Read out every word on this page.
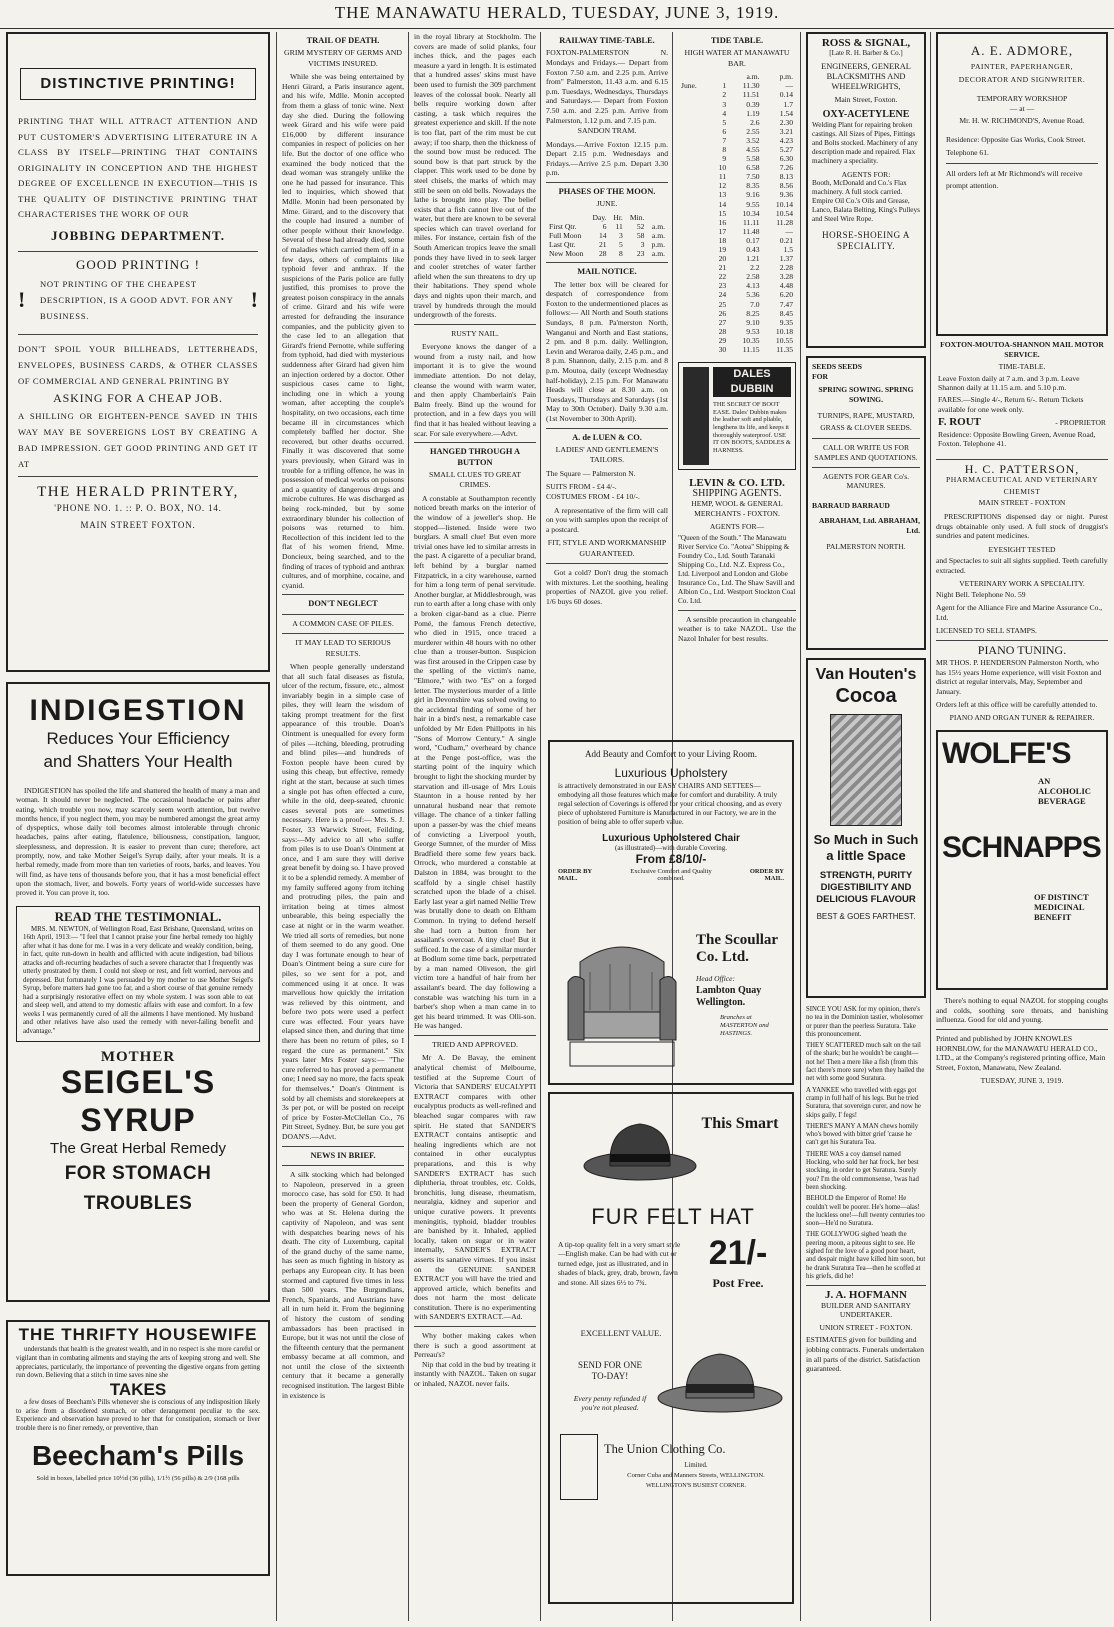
THE MANAWATU HERALD, TUESDAY, JUNE 3, 1919.
DISTINCTIVE PRINTING!

PRINTING THAT WILL ATTRACT ATTENTION AND PUT CUSTOMER'S ADVERTISING LITERATURE IN A CLASS BY ITSELF—PRINTING THAT CONTAINS ORIGINALITY IN CONCEPTION AND THE HIGHEST DEGREE OF EXCELLENCE IN EXECUTION—THIS IS THE QUALITY OF DISTINCTIVE PRINTING THAT CHARACTERISES THE WORK OF OUR

JOBBING DEPARTMENT.
GOOD PRINTING !
!
NOT PRINTING OF THE CHEAPEST DESCRIPTION, IS A GOOD ADVT. FOR ANY BUSINESS.
!

DON'T SPOIL YOUR BILLHEADS, LETTERHEADS, ENVELOPES, BUSINESS CARDS, & OTHER CLASSES OF COMMERCIAL AND GENERAL PRINTING BY

ASKING FOR A CHEAP JOB.

A SHILLING OR EIGHTEEN-PENCE SAVED IN THIS WAY MAY BE SOVEREIGNS LOST BY CREATING A BAD IMPRESSION. GET GOOD PRINTING AND GET IT AT

THE HERALD PRINTERY,
'PHONE NO. 1. :: P. O. BOX, NO. 14.
MAIN STREET FOXTON.
INDIGESTION
Reduces Your Efficiency
and Shatters Your Health

INDIGESTION has spoiled the life and shattered the health of many a man and woman. It should never be neglected. The occasional headache or pains after eating, which trouble you now, may scarcely seem worth attention, but twelve months hence, if you neglect them, you may be numbered amongst the great army of dyspeptics, whose daily toil becomes almost intolerable through chronic headaches, pains after eating, flatulence, biliousness, constipation, languor, sleeplessness, and depression. It is easier to prevent than cure; therefore, act promptly, now, and take Mother Seigel's Syrup daily, after your meals. It is a herbal remedy, made from more than ten varieties of roots, barks, and leaves. You will find, as have tens of thousands before you, that it has a most beneficial effect upon the stomach, liver, and bowels. Forty years of world-wide successes have proved it. You can prove it, too.

READ THE TESTIMONIAL.

MRS. M. NEWTON, of Wellington Road, East Brisbane, Queensland, writes on 16th April, 1913:— "I feel that I cannot praise your fine herbal remedy too highly after what it has done for me. I was in a very delicate and weakly condition, being, in fact, quite run-down in health and afflicted with acute indigestion, bad bilious attacks and oft-recurring headaches of such a severe character that I frequently was utterly prostrated by them. I could not sleep or rest, and felt worried, nervous and depressed. But fortunately I was persuaded by my mother to use Mother Seigel's Syrup, before matters had gone too far, and a short course of that genuine remedy had a surprisingly restorative effect on my whole system. I was soon able to eat and sleep well, and attend to my domestic affairs with ease and comfort. In a few weeks I was permanently cured of all the ailments I have mentioned. My husband and other relatives have also used the remedy with never-failing benefit and advantage."

MOTHER
SEIGEL'S SYRUP
The Great Herbal Remedy
FOR STOMACH TROUBLES
THE THRIFTY HOUSEWIFE

understands that health is the greatest wealth, and in no respect is she more careful or vigilant than in combating ailments and staying the arts of keeping strong and well. She appreciates, particularly, the importance of preventing the digestive organs from getting run down. Believing that a stitch in time saves nine she

TAKES

a few doses of Beecham's Pills whenever she is conscious of any indisposition likely to arise from a disordered stomach, or other derangement peculiar to the sex. Experience and observation have proved to her that for constipation, stomach or liver trouble there is no finer remedy, or preventive, than

Beecham's Pills
Sold in boxes, labelled price 10½d (36 pills), 1/1½ (56 pills) & 2/9 (168 pills
TRAIL OF DEATH.
GRIM MYSTERY OF GERMS AND VICTIMS INSURED.

While she was being entertained by Henri Girard, a Paris insurance agent, and his wife, Mdlle. Monin accepted from them a glass of tonic wine. Next day she died. During the following week Girard and his wife were paid £16,000 by different insurance companies in respect of policies on her life. But the doctor of one office who examined the body noticed that the dead woman was strangely unlike the one he had passed for insurance. This led to inquiries, which showed that Mdlle. Monin had been personated by Mme. Girard, and to the discovery that the couple had insured a number of other people without their knowledge. Several of these had already died, some of maladies which carried them off in a few days, others of complaints like typhoid fever and anthrax. If the suspicions of the Paris police are fully justified, this promises to prove the greatest poison conspiracy in the annals of crime. Girard and his wife were arrested for defrauding the insurance companies, and the publicity given to the case led to an allegation that Girard's friend Pernotte, while suffering from typhoid, had died with mysterious suddenness after Girard had given him an injection ordered by a doctor. Other suspicious cases came to light, including one in which a young woman, after accepting the couple's hospitality, on two occasions, each time became ill in circumstances which completely baffled her doctor. She recovered, but other deaths occurred. Finally it was discovered that some years previously, when Girard was in trouble for a trifling offence, he was in possession of medical works on poisons and a quantity of dangerous drugs and microbe cultures. He was discharged as being rock-minded, but by some extraordinary blunder his collection of poisons was returned to him. Recollection of this incident led to the flat of his women friend, Mme. Doncieux, being searched, and to the finding of traces of typhoid and anthrax cultures, and of morphine, cocaine, and cyanid.

DON'T NEGLECT
A COMMON CASE OF PILES.
IT MAY LEAD TO SERIOUS RESULTS.

When people generally understand that all such fatal diseases as fistula, ulcer of the rectum, fissure, etc., almost invariably begin in a simple case of piles, they will learn the wisdom of taking prompt treatment for the first appearance of this trouble. Doan's Ointment is unequalled for every form of piles —itching, bleeding, protruding and blind piles—and hundreds of Foxton people have been cured by using this cheap, but effective, remedy right at the start, because at such times a single pot has often effected a cure, while in the old, deep-seated, chronic cases several pots are sometimes necessary. Here is a proof:— Mrs. S. J. Foster, 33 Warwick Street, Feilding, says:—My advice to all who suffer from piles is to use Doan's Ointment at once, and I am sure they will derive great benefit by doing so. I have proved it to be a splendid remedy. A member of my family suffered agony from itching and protruding piles, the pain and irritation being at times almost unbearable, this being especially the case at night or in the warm weather. We tried all sorts of remedies, but none of them seemed to do any good. One day I was fortunate enough to hear of Doan's Ointment being a sure cure for piles, so we sent for a pot, and commenced using it at once. It was marvellous how quickly the irritation was relieved by this ointment, and before two pots were used a perfect cure was effected. Four years have elapsed since then, and during that time there has been no return of piles, so I regard the cure as permanent." Six years later Mrs Foster says:— "The cure referred to has proved a permanent one; I need say no more, the facts speak for themselves." Doan's Ointment is sold by all chemists and storekeepers at 3s per pot, or will be posted on receipt of price by Foster-McClellan Co., 76 Pitt Street, Sydney. But, be sure you get DOAN'S.—Advt.

NEWS IN BRIEF.

A silk stocking which had belonged to Napoleon, preserved in a green morocco case, has sold for £50. It had been the property of General Gordon, who was at St. Helena during the captivity of Napoleon, and was sent with despatches bearing news of his death. The city of Luxemburg, capital of the grand duchy of the same name, has seen as much fighting in history as perhaps any European city. It has been stormed and captured five times in less than 500 years. The Burgundians, French, Spaniards, and Austrians have all in turn held it. From the beginning of history the custom of sending ambassadors has been practised in Europe, but it was not until the close of the fifteenth century that the permanent embassy became at all common, and not until the close of the sixteenth century that it became a generally recognised institution. The largest Bible in existence is

in the royal library at Stockholm. The covers are made of solid planks, four inches thick, and the pages each measure a yard in length. It is estimated that a hundred asses' skins must have been used to furnish the 309 parchment leaves of the colossal book. Nearly all bells require working down after casting, a task which requires the greatest experience and skill. If the note is too flat, part of the rim must be cut away; if too sharp, then the thickness of the sound bow must be reduced. The sound bow is that part struck by the clapper. This work used to be done by steel chisels, the marks of which may still be seen on old bells. Nowadays the lathe is brought into play. The belief exists that a fish cannot live out of the water, but there are known to be several species which can travel overland for miles. For instance, certain fish of the South American tropics leave the small ponds they have lived in to seek larger and cooler stretches of water farther afield when the sun threatens to dry up their habitations. They spend whole days and nights upon their march, and travel by hundreds through the mould undergrowth of the forests.

RUSTY NAIL.

Everyone knows the danger of a wound from a rusty nail, and how important it is to give the wound immediate attention. Do not delay, cleanse the wound with warm water, and then apply Chamberlain's Pain Balm freely. Bind up the wound for protection, and in a few days you will find that it has healed without leaving a scar. For sale everywhere.—Advt.

HANGED THROUGH A BUTTON
SMALL CLUES TO GREAT CRIMES.

A constable at Southampton recently noticed breath marks on the interior of the window of a jeweller's shop. He stopped—listened. Inside were two burglars. A small clue! But even more trivial ones have led to similar arrests in the past. A cigarette of a peculiar brand, left behind by a burglar named Fitzpatrick, in a city warehouse, earned for him a long term of penal servitude. Another burglar, at Middlesbrough, was run to earth after a long chase with only a broken cigar-band as a clue. Pierre Pomé, the famous French detective, who died in 1915, once traced a murderer within 48 hours with no other clue than a trouser-button. Suspicion was first aroused in the Crippen case by the spelling of the victim's name, "Elmore," with two "Es" on a forged letter. The mysterious murder of a little girl in Devonshire was solved owing to the accidental finding of some of her hair in a bird's nest, a remarkable case unfolded by Mr Eden Phillpotts in his "Sons of Morrow Century." A single word, "Cudham," overheard by chance at the Penge post-office, was the starting point of the inquiry which brought to light the shocking murder by starvation and ill-usage of Mrs Louis Staunton in a house rented by her unnatural husband near that remote village. The chance of a tinker falling upon a passer-by was the chief means of convicting a Liverpool youth, George Sumner, of the murder of Miss Bradfield there some few years back. Orrock, who murdered a constable at Dalston in 1884, was brought to the scaffold by a single chisel hastily scratched upon the blade of a chisel. Early last year a girl named Nellie Trew was brutally done to death on Eltham Common. In trying to defend herself she had torn a button from her assailant's overcoat. A tiny clue! But it sufficed. In the case of a similar murder at Bodlum some time back, perpetrated by a man named Oliveson, the girl victim tore a handful of hair from her assailant's beard. The day following a constable was watching his turn in a barber's shop when a man came in to get his beard trimmed. It was Olli-son. He was hanged.

TRIED AND APPROVED.

Mr A. De Bavay, the eminent analytical chemist of Melbourne, testified at the Supreme Court of Victoria that SANDERS' EUCALYPTI EXTRACT compares with other eucalyptus products as well-refined and bleached sugar compares with raw spirit. He stated that SANDER'S EXTRACT contains antiseptic and healing ingredients which are not contained in other eucalyptus preparations, and this is why SANDER'S EXTRACT has such diphtheria, throat troubles, etc. Colds, bronchitis, lung disease, rheumatism, neuralgia, kidney and superior and unique curative powers. It prevents meningitis, typhoid, bladder troubles are banished by it. Inhaled, applied locally, taken on sugar or in water internally, SANDER'S EXTRACT asserts its sanative virtues. If you insist on the GENUINE SANDER EXTRACT you will have the tried and approved article, which benefits and does not harm the most delicate constitution. There is no experimenting with SANDER'S EXTRACT.—Ad.

Why bother making cakes when there is such a good assortment at Perreau's?

Nip that cold in the bud by treating it instantly with NAZOL. Taken on sugar or inhaled, NAZOL never fails.

RAILWAY TIME-TABLE.

FOXTON-PALMERSTON N. Mondays and Fridays.— Depart from Foxton 7.50 a.m. and 2.25 p.m. Arrive from" Palmerston, 11.43 a.m. and 6.15 p.m. Tuesdays, Wednesdays, Thursdays and Saturdays.— Depart from Foxton 7.50 a.m. and 2.25 p.m. Arrive from Palmerston, 1.12 p.m. and 7.15 p.m.

SANDON TRAM.

Mondays.—Arrive Foxton 12.15 p.m. Depart 2.15 p.m. Wednesdays and Fridays.—Arrive 2.5 p.m. Depart 3.30 p.m.

PHASES OF THE MOON.
JUNE.
	Day.	Hr.	Min.	
First Qtr.	6	11	52	a.m.
Full Moon	14	3	58	a.m.
Last Qtr.	21	5	3	p.m.
New Moon	28	8	23	a.m.
MAIL NOTICE.

The letter box will be cleared for despatch of correspondence from Foxton to the undermentioned places as follows:— All North and South stations Sundays, 8 p.m. Pa'merston North, Wanganui and North and East stations, 2 pm. and 8 p.m. daily. Wellington, Levin and Weraroa daily, 2.45 p.m., and 8 p.m. Shannon, daily, 2.15 p.m. and 8 p.m. Moutoa, daily (except Wednesday half-holiday), 2.15 p.m. For Manawatu Heads will close at 8.30 a.m. on Tuesdays, Thursdays and Saturdays (1st May to 30th October). Daily 9.30 a.m. (1st November to 30th April).

A. de LUEN & CO.
LADIES' AND GENTLEMEN'S TAILORS.
The Square — Palmerston N.
SUITS FROM - £4 4/-.
COSTUMES FROM - £4 10/-.

A representative of the firm will call on you with samples upon the receipt of a postcard.

FIT, STYLE AND WORKMANSHIP GUARANTEED.

Got a cold? Don't drug the stomach with mixtures. Let the soothing, healing properties of NAZOL give you relief. 1/6 buys 60 doses.

TIDE TABLE.
HIGH WATER AT MANAWATU BAR.
		a.m.	p.m.
June.	1	11.30	—
	2	11.51	0.14
	3	0.39	1.7
	4	1.19	1.54
	5	2.6	2.30
	6	2.55	3.21
	7	3.52	4.23
	8	4.55	5.27
	9	5.58	6.30
	10	6.58	7.26
	11	7.50	8.13
	12	8.35	8.56
	13	9.16	9.36
	14	9.55	10.14
	15	10.34	10.54
	16	11.11	11.28
	17	11.48	—
	18	0.17	0.21
	19	0.43	1.5
	20	1.21	1.37
	21	2.2	2.28
	22	2.58	3.28
	23	4.13	4.48
	24	5.36	6.20
	25	7.0	7.47
	26	8.25	8.45
	27	9.10	9.35
	28	9.53	10.18
	29	10.35	10.55
	30	11.15	11.35
DALES DUBBIN
THE SECRET OF BOOT EASE. Dales' Dubbin makes the leather soft and pliable, lengthens its life, and keeps it thoroughly waterproof. USE IT ON BOOTS, SADDLES & HARNESS.
LEVIN & CO. LTD.
SHIPPING AGENTS.
HEMP, WOOL & GENERAL MERCHANTS - FOXTON.
AGENTS FOR—

"Queen of the South." The Manawatu River Service Co. "Aotea" Shipping & Foundry Co., Ltd. South Taranaki Shipping Co., Ltd. N.Z. Express Co., Ltd. Liverpool and London and Globe Insurance Co., Ltd. The Shaw Savill and Albion Co., Ltd. Westport Stockton Coal Co. Ltd.

A sensible precaution in changeable weather is to take NAZOL. Use the Nazol Inhaler for best results.

Add Beauty and Comfort to your Living Room.
Luxurious Upholstery

is attractively demonstrated in our EASY CHAIRS AND SETTEES—embodying all those features which make for comfort and durability. A truly regal selection of Coverings is offered for your critical choosing, and as every piece of upholstered Furniture is Manufactured in our Factory, we are in the position of being able to offer superb value.

Luxurious Upholstered Chair
(as illustrated)—with durable Covering.
From £8/10/-
ORDER BY MAIL.
Exclusive Comfort and Quality combined.
ORDER BY MAIL.
The Scoullar Co. Ltd.
Head Office:
Lambton Quay Wellington.
Branches at MASTERTON and HASTINGS.
This Smart
FUR FELT HAT
A tip-top quality felt in a very smart style—English make. Can be had with cut or turned edge, just as illustrated, and in shades of black, grey, drab, brown, fawn and stone. All sizes 6½ to 7¾.
21/-
Post Free.
EXCELLENT VALUE.
SEND FOR ONE TO-DAY!
Every penny refunded if you're not pleased.
The Union Clothing Co.
Limited.
Corner Cuba and Manners Streets, WELLINGTON.
WELLINGTON'S BUSIEST CORNER.
ROSS & SIGNAL,
[Late R. H. Barber & Co.]
ENGINEERS, GENERAL BLACKSMITHS AND WHEELWRIGHTS,
Main Street, Foxton.
OXY-ACETYLENE

Welding Plant for repairing broken castings. All Sizes of Pipes, Fittings and Bolts stocked. Machinery of any description made and repaired. Flax machinery a speciality.

AGENTS FOR:

Booth, McDonald and Co.'s Flax machinery. A full stock carried. Empire Oil Co.'s Oils and Grease, Lanco, Balata Belting, King's Pulleys and Steel Wire Rope.

HORSE-SHOEING A SPECIALITY.
SEEDS SEEDS
FOR
SPRING SOWING. SPRING SOWING.
TURNIPS, RAPE, MUSTARD, GRASS & CLOVER SEEDS.
CALL OR WRITE US FOR SAMPLES AND QUOTATIONS.
AGENTS FOR GEAR Co's. MANURES.
BARRAUD BARRAUD
ABRAHAM, Ltd. ABRAHAM, Ltd.
PALMERSTON NORTH.
Van Houten's
Cocoa
So Much in Such a little Space
STRENGTH, PURITY DIGESTIBILITY AND DELICIOUS FLAVOUR
BEST & GOES FARTHEST.

SINCE YOU ASK for my opinion, there's no tea in the Dominion tastier, wholesomer or purer than the peerless Suratura. Take this pronouncement.

THEY SCATTERED much salt on the tail of the shark; but he wouldn't be caught—not he! Then a mere like a fish (from this fact there's more sure) when they hailed the net with some good Suratura.

A YANKEE who travelled with eggs got cramp in full half of his legs. But he tried Suratura, that sovereign curer, and now he skips gaily, I' fegs!

THERE'S MANY A MAN chews homily who's bowed with bitter grief 'cause he can't get his Suratura Tea.

THERE WAS a coy damsel named Hocking, who sold her hat frock, her best stocking, in order to get Suratura. Surely you? I'm the old commonsense, 'twas had been shocking.

BEHOLD the Emperor of Rome! He couldn't well be poorer. He's home—alas! the luckless one!—full twenty centuries too soon—He'd no Suratura.

THE GOLLYWOG sighed 'neath the peering moon, a piteous sight to see. He sighed for the love of a good poor heart, and despair might have killed him soon, but he drank Suratura Tea—then he scoffed at his griefs, did he!

J. A. HOFMANN
BUILDER AND SANITARY UNDERTAKER.
UNION STREET - FOXTON.

ESTIMATES given for building and jobbing contracts. Funerals undertaken in all parts of the district. Satisfaction guaranteed.

A. E. ADMORE,
PAINTER, PAPERHANGER, DECORATOR AND SIGNWRITER.
TEMPORARY WORKSHOP
— at —
Mr. H. W. RICHMOND'S, Avenue Road.
Residence: Opposite Gas Works, Cook Street. Telephone 61.
All orders left at Mr Richmond's will receive prompt attention.
FOXTON-MOUTOA-SHANNON MAIL MOTOR SERVICE.
TIME-TABLE.

Leave Foxton daily at 7 a.m. and 3 p.m. Leave Shannon daily at 11.15 a.m. and 5.10 p.m.

FARES.—Single 4/-, Return 6/-. Return Tickets available for one week only.

F. ROUT	- PROPRIETOR

Residence: Opposite Bowling Green, Avenue Road, Foxton. Telephone 41.

H. C. PATTERSON,
PHARMACEUTICAL AND VETERINARY CHEMIST
MAIN STREET - FOXTON

PRESCRIPTIONS dispensed day or night. Purest drugs obtainable only used. A full stock of druggist's sundries and patent medicines.

EYESIGHT TESTED

and Spectacles to suit all sights supplied. Teeth carefully extracted.

VETERINARY WORK A SPECIALITY.
Night Bell. Telephone No. 59

Agent for the Alliance Fire and Marine Assurance Co., Ltd.

LICENSED TO SELL STAMPS.
PIANO TUNING.

MR THOS. P. HENDERSON Palmerston North, who has 15½ years Home experience, will visit Foxton and district at regular intervals, May, September and January.

Orders left at this office will be carefully attended to.

PIANO AND ORGAN TUNER & REPAIRER.
WOLFE'S
AN ALCOHOLIC BEVERAGE
SCHNAPPS
OF DISTINCT MEDICINAL BENEFIT

There's nothing to equal NAZOL for stopping coughs and colds, soothing sore throats, and banishing influenza. Good for old and young.

Printed and published by JOHN KNOWLES HORNBLOW, for the MANAWATU HERALD CO., LTD., at the Company's registered printing office, Main Street, Foxton, Manawatu, New Zealand.

TUESDAY, JUNE 3, 1919.
